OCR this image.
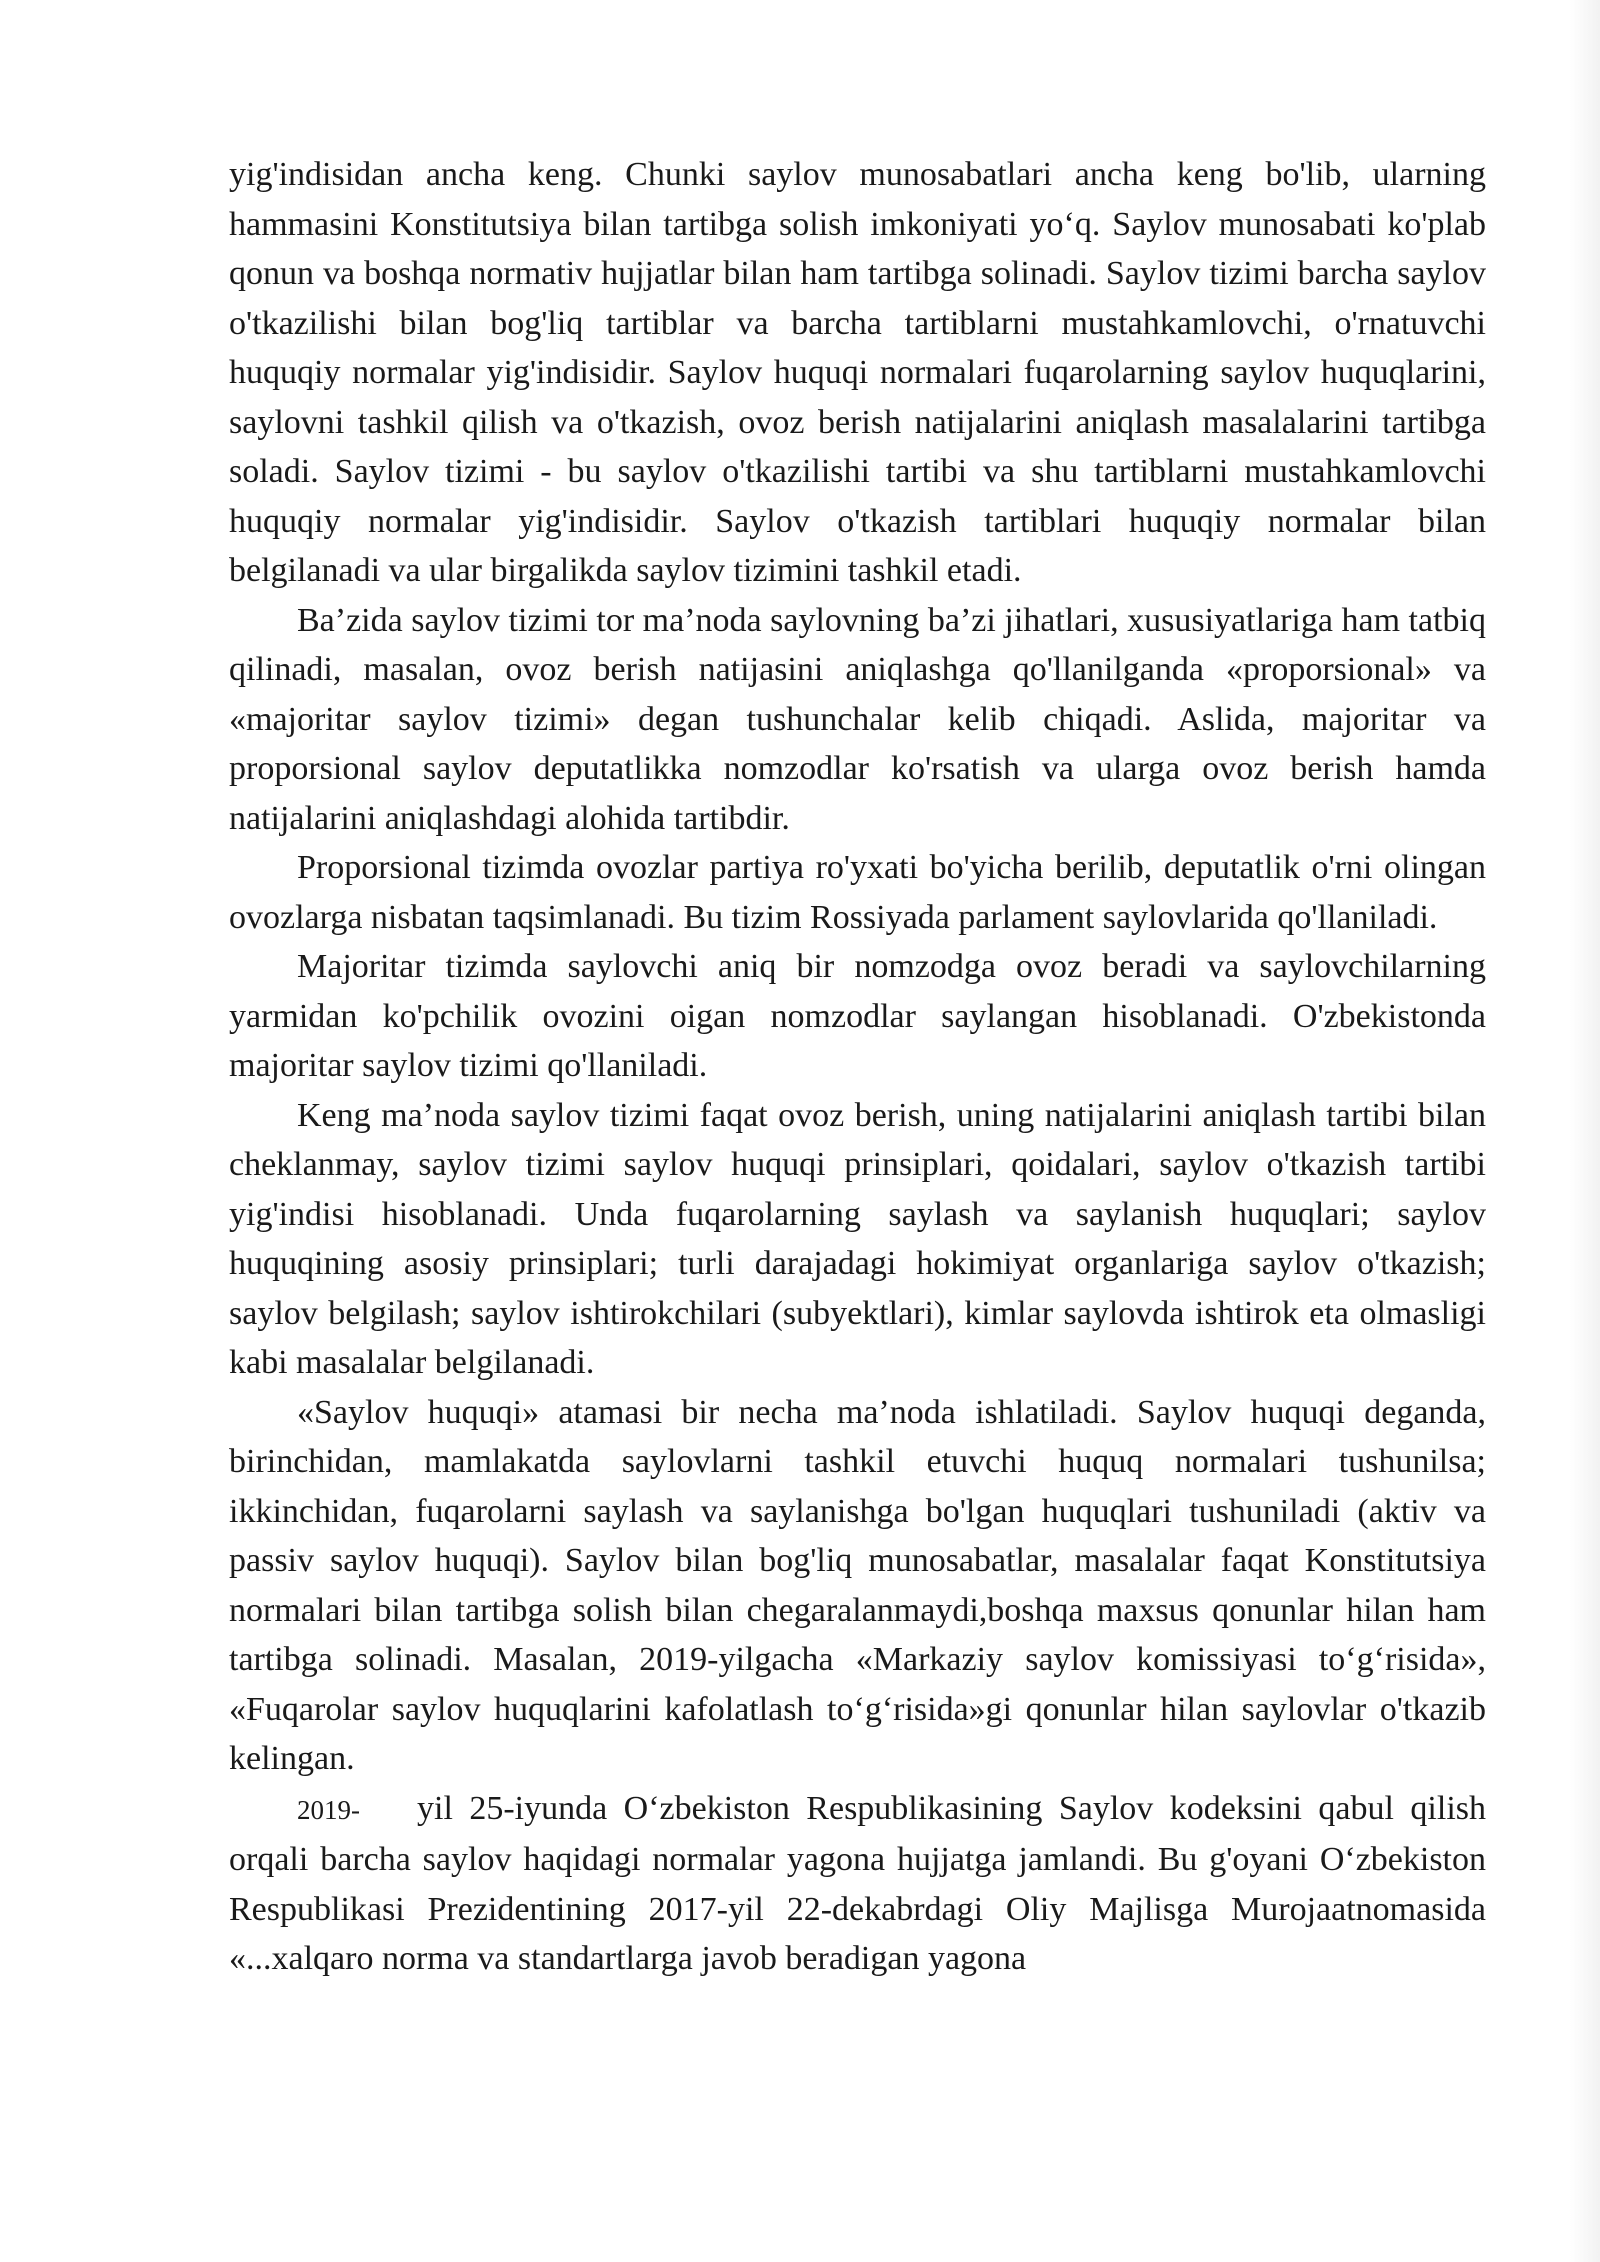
yig'indisidan ancha keng. Chunki saylov munosabatlari ancha keng bo'lib, ularning hammasini Konstitutsiya bilan tartibga solish imkoniyati yo‘q. Saylov munosabati ko'plab qonun va boshqa normativ hujjatlar bilan ham tartibga solinadi. Saylov tizimi barcha saylov o'tkazilishi bilan bog'liq tartiblar va barcha tartiblarni mustahkamlovchi, o'rnatuvchi huquqiy normalar yig'indisidir. Saylov huquqi normalari fuqarolarning saylov huquqlarini, saylovni tashkil qilish va o'tkazish, ovoz berish natijalarini aniqlash masalalarini tartibga soladi. Saylov tizimi - bu saylov o'tkazilishi tartibi va shu tartiblarni mustahkamlovchi huquqiy normalar yig'indisidir. Saylov o'tkazish tartiblari huquqiy normalar bilan belgilanadi va ular birgalikda saylov tizimini tashkil etadi.

Ba’zida saylov tizimi tor ma’noda saylovning ba’zi jihatlari, xususiyatlariga ham tatbiq qilinadi, masalan, ovoz berish natijasini aniqlashga qo'llanilganda «proporsional» va «majoritar saylov tizimi» degan tushunchalar kelib chiqadi. Aslida, majoritar va proporsional saylov deputatlikka nomzodlar ko'rsatish va ularga ovoz berish hamda natijalarini aniqlashdagi alohida tartibdir.

Proporsional tizimda ovozlar partiya ro'yxati bo'yicha berilib, deputatlik o'rni olingan ovozlarga nisbatan taqsimlanadi. Bu tizim Rossiyada parlament saylovlarida qo'llaniladi.

Majoritar tizimda saylovchi aniq bir nomzodga ovoz beradi va saylovchilarning yarmidan ko'pchilik ovozini oigan nomzodlar saylangan hisoblanadi. O'zbekistonda majoritar saylov tizimi qo'llaniladi.

Keng ma’noda saylov tizimi faqat ovoz berish, uning natijalarini aniqlash tartibi bilan cheklanmay, saylov tizimi saylov huquqi prinsiplari, qoidalari, saylov o'tkazish tartibi yig'indisi hisoblanadi. Unda fuqarolarning saylash va saylanish huquqlari; saylov huquqining asosiy prinsiplari; turli darajadagi hokimiyat organlariga saylov o'tkazish; saylov belgilash; saylov ishtirokchilari (subyektlari), kimlar saylovda ishtirok eta olmasligi kabi masalalar belgilanadi.

«Saylov huquqi» atamasi bir necha ma’noda ishlatiladi. Saylov huquqi deganda, birinchidan, mamlakatda saylovlarni tashkil etuvchi huquq normalari tushunilsa; ikkinchidan, fuqarolarni saylash va saylanishga bo'lgan huquqlari tushuniladi (aktiv va passiv saylov huquqi). Saylov bilan bog'liq munosabatlar, masalalar faqat Konstitutsiya normalari bilan tartibga solish bilan chegaralanmaydi,boshqa maxsus qonunlar hilan ham tartibga solinadi. Masalan, 2019-yilgacha «Markaziy saylov komissiyasi to‘g‘risida», «Fuqarolar saylov huquqlarini kafolatlash to‘g‘risida»gi qonunlar hilan saylovlar o'tkazib kelingan.

2019- yil 25-iyunda O‘zbekiston Respublikasining Saylov kodeksini qabul qilish orqali barcha saylov haqidagi normalar yagona hujjatga jamlandi. Bu g'oyani O‘zbekiston Respublikasi Prezidentining 2017-yil 22-dekabrdagi Oliy Majlisga Murojaatnomasida «...xalqaro norma va standartlarga javob beradigan yagona
